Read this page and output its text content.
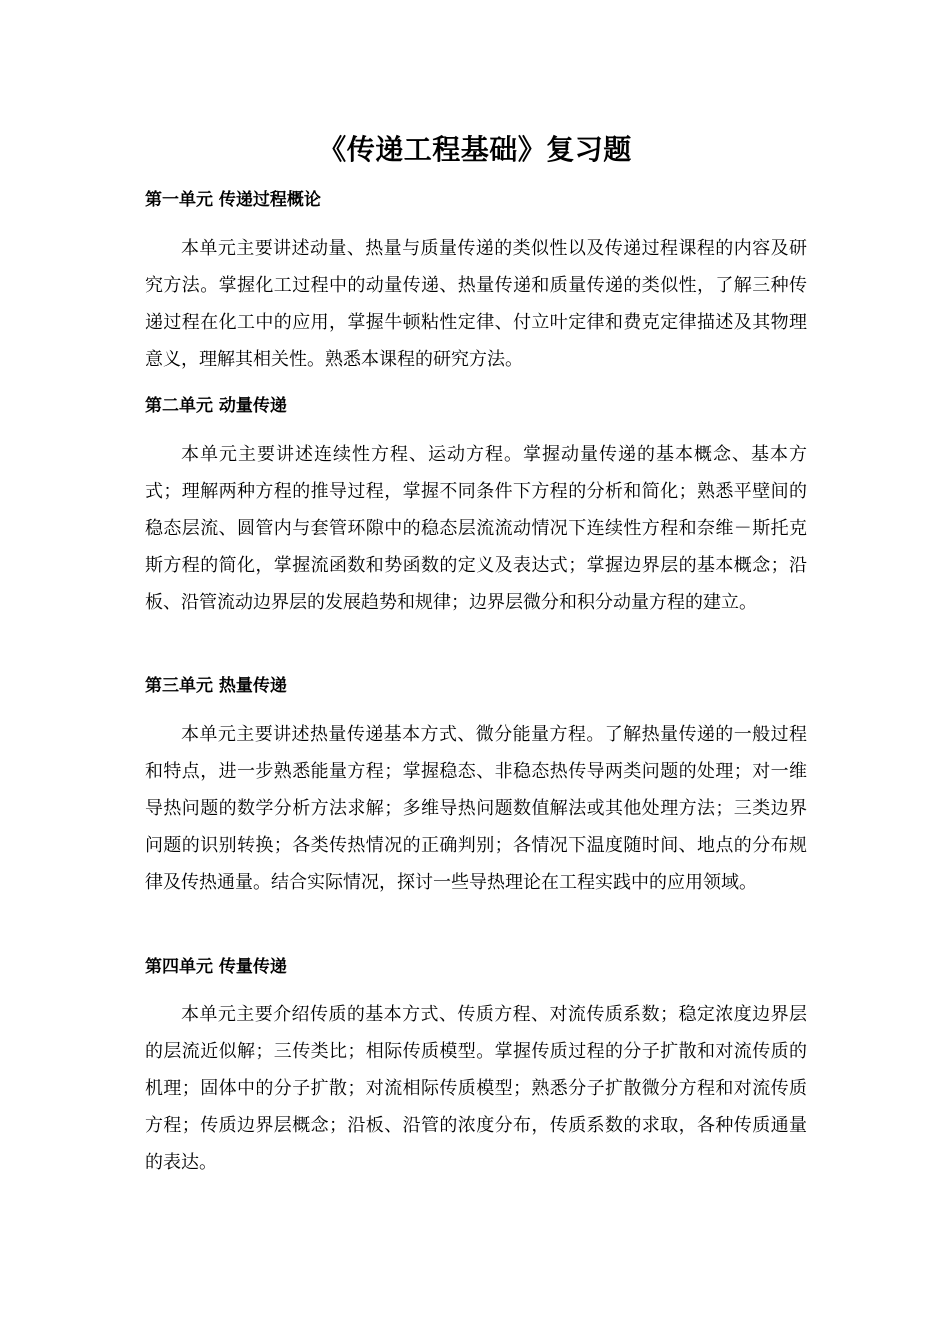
《传递工程基础》复习题
第一单元 传递过程概论

本单元主要讲述动量、热量与质量传递的类似性以及传递过程课程的内容及研究方法。掌握化工过程中的动量传递、热量传递和质量传递的类似性，了解三种传递过程在化工中的应用，掌握牛顿粘性定律、付立叶定律和费克定律描述及其物理意义，理解其相关性。熟悉本课程的研究方法。

第二单元 动量传递

本单元主要讲述连续性方程、运动方程。掌握动量传递的基本概念、基本方式；理解两种方程的推导过程，掌握不同条件下方程的分析和简化；熟悉平壁间的稳态层流、圆管内与套管环隙中的稳态层流流动情况下连续性方程和奈维－斯托克斯方程的简化，掌握流函数和势函数的定义及表达式；掌握边界层的基本概念；沿板、沿管流动边界层的发展趋势和规律；边界层微分和积分动量方程的建立。

第三单元 热量传递

本单元主要讲述热量传递基本方式、微分能量方程。了解热量传递的一般过程和特点，进一步熟悉能量方程；掌握稳态、非稳态热传导两类问题的处理；对一维导热问题的数学分析方法求解；多维导热问题数值解法或其他处理方法；三类边界问题的识别转换；各类传热情况的正确判别；各情况下温度随时间、地点的分布规律及传热通量。结合实际情况，探讨一些导热理论在工程实践中的应用领域。

第四单元 传量传递

本单元主要介绍传质的基本方式、传质方程、对流传质系数；稳定浓度边界层的层流近似解；三传类比；相际传质模型。掌握传质过程的分子扩散和对流传质的机理；固体中的分子扩散；对流相际传质模型；熟悉分子扩散微分方程和对流传质方程；传质边界层概念；沿板、沿管的浓度分布，传质系数的求取，各种传质通量的表达。
